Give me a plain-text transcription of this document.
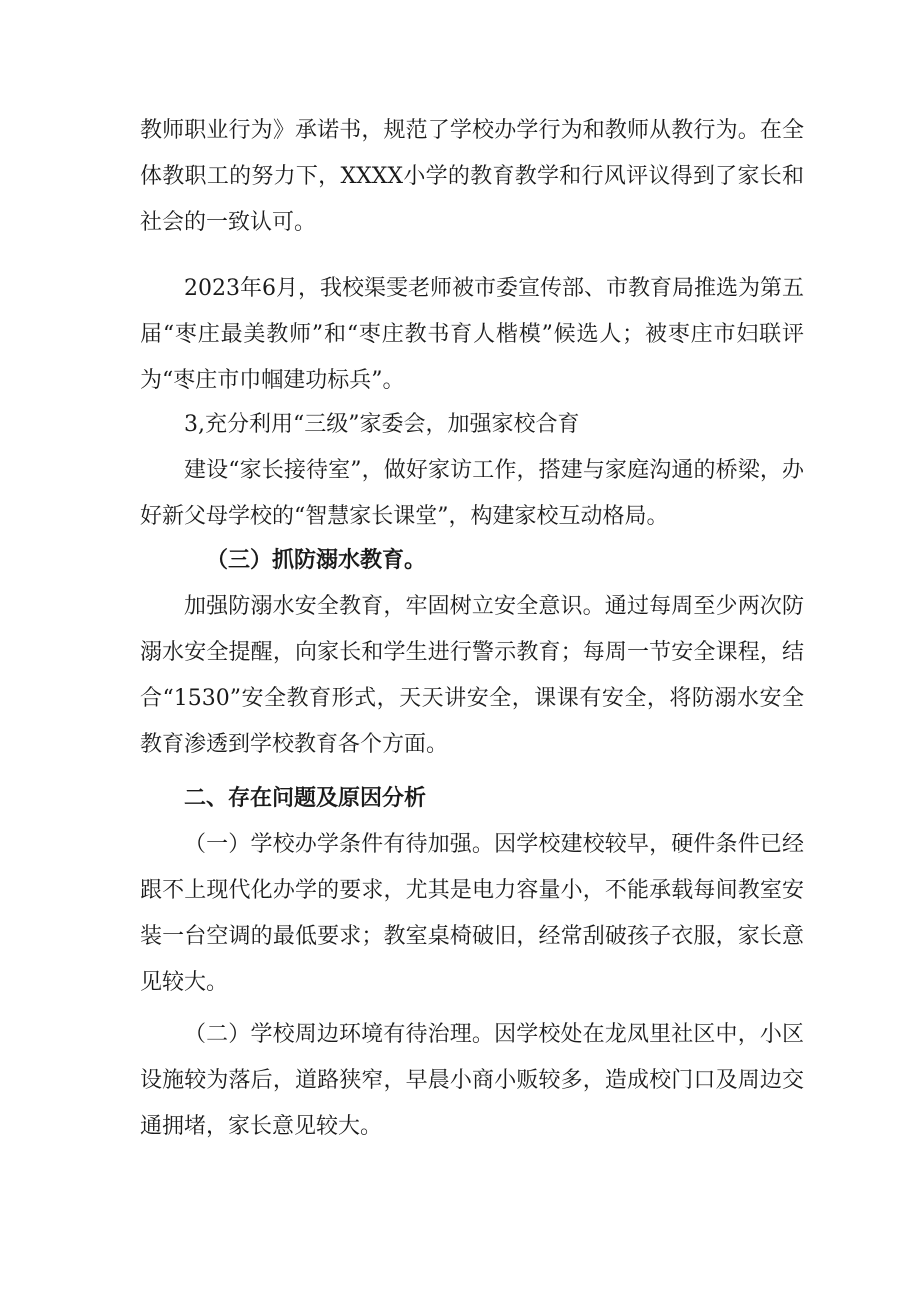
教师职业行为》承诺书，规范了学校办学行为和教师从教行为。在全体教职工的努力下，XXXX小学的教育教学和行风评议得到了家长和社会的一致认可。

2023年6月，我校渠雯老师被市委宣传部、市教育局推选为第五届“枣庄最美教师”和“枣庄教书育人楷模”候选人；被枣庄市妇联评为“枣庄市巾帼建功标兵”。

3,充分利用“三级”家委会，加强家校合育

建设“家长接待室”，做好家访工作，搭建与家庭沟通的桥梁，办好新父母学校的“智慧家长课堂”，构建家校互动格局。

（三）抓防溺水教育。

加强防溺水安全教育，牢固树立安全意识。通过每周至少两次防溺水安全提醒，向家长和学生进行警示教育；每周一节安全课程，结合“1530”安全教育形式，天天讲安全，课课有安全，将防溺水安全教育渗透到学校教育各个方面。

二、存在问题及原因分析

（一）学校办学条件有待加强。因学校建校较早，硬件条件已经跟不上现代化办学的要求，尤其是电力容量小，不能承载每间教室安装一台空调的最低要求；教室桌椅破旧，经常刮破孩子衣服，家长意见较大。

（二）学校周边环境有待治理。因学校处在龙凤里社区中，小区设施较为落后，道路狭窄，早晨小商小贩较多，造成校门口及周边交通拥堵，家长意见较大。
